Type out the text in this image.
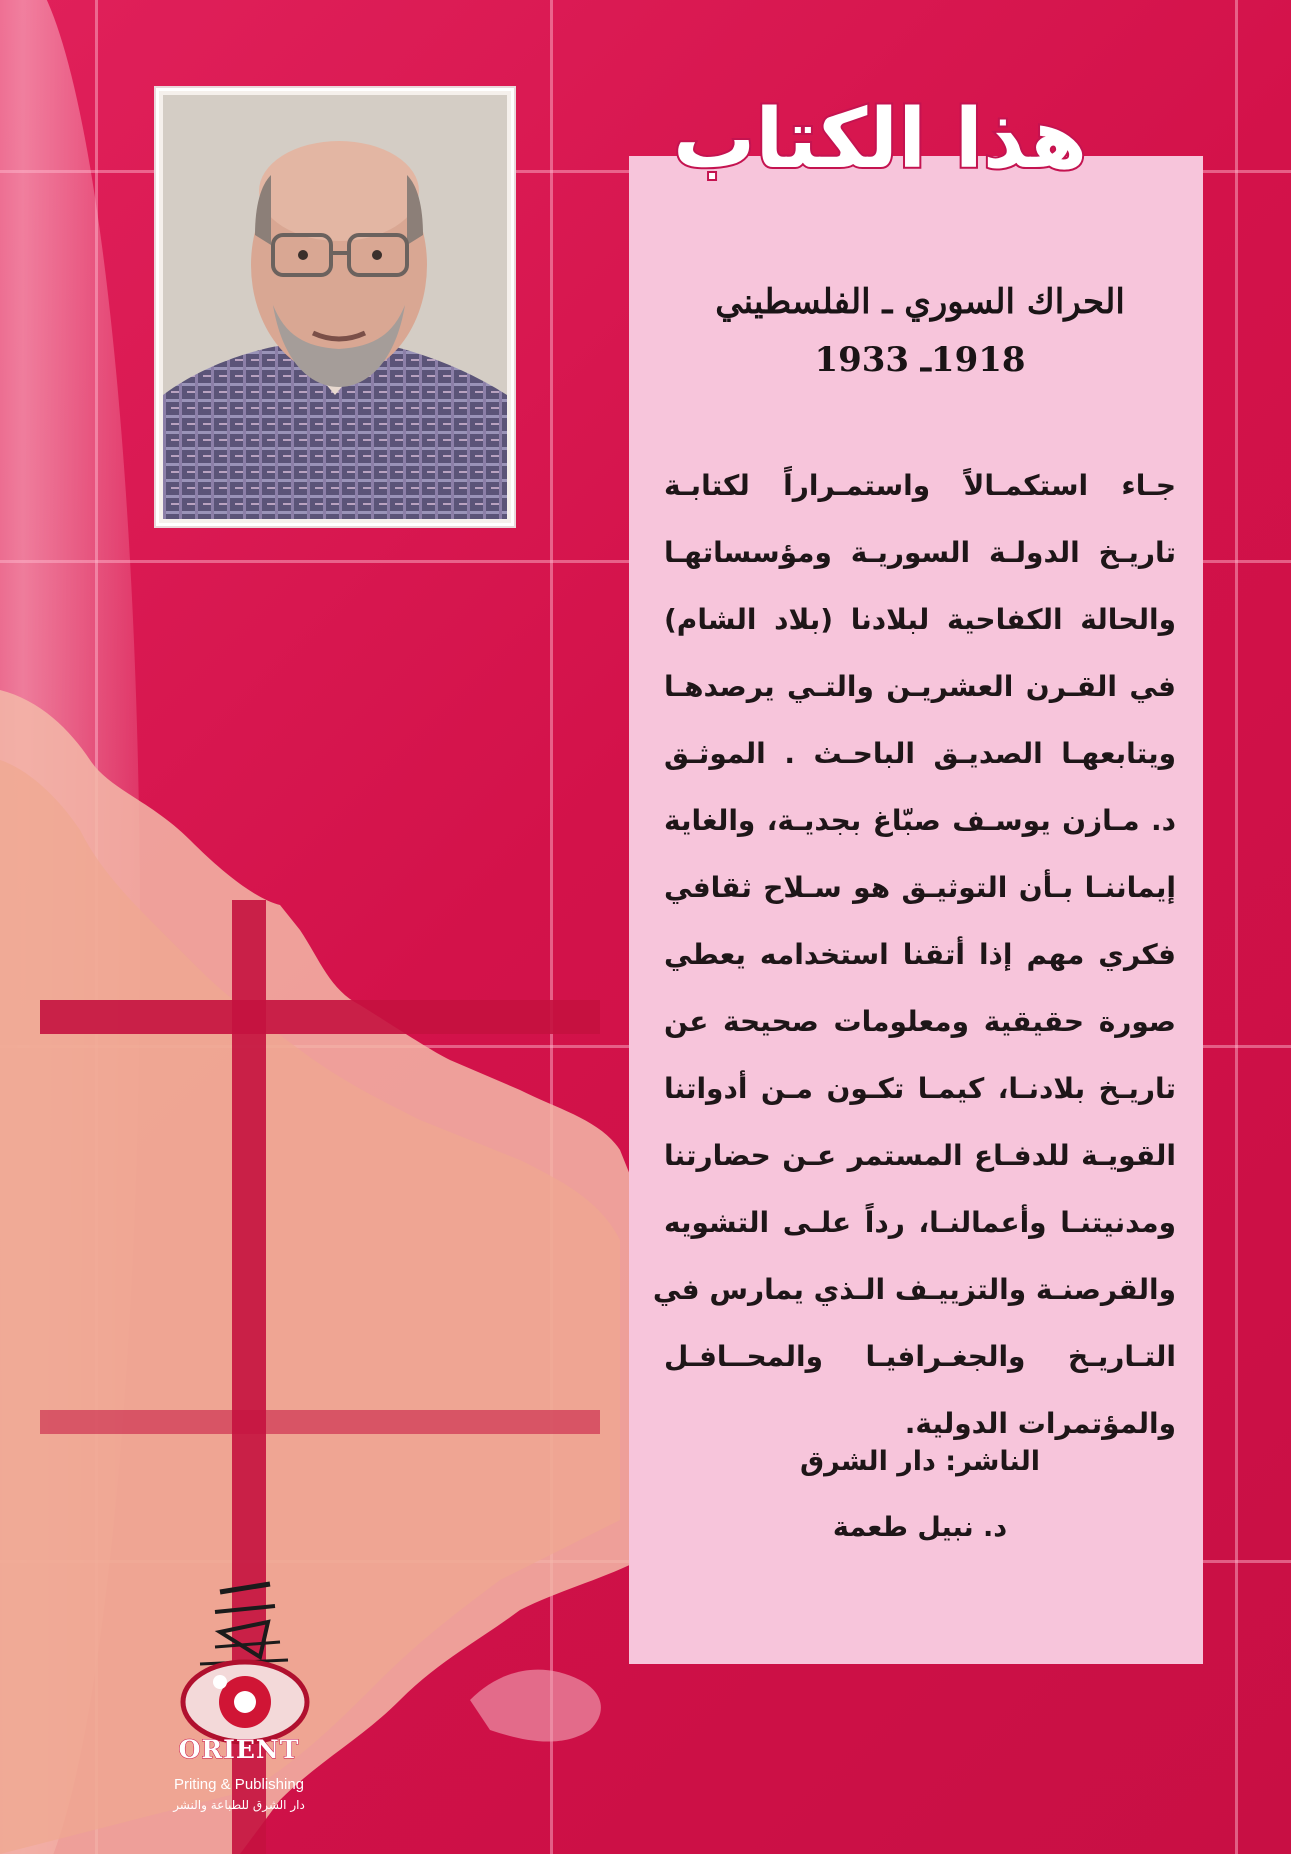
هذا الكتاب
الحراك السوري ـ الفلسطيني
1918ـ 1933
جـاء استكمـالاً واستمـراراً لكتابـة
تاريـخ الدولـة السوريـة ومؤسساتهـا
والحالة الكفاحية لبلادنا (بلاد الشام)
في القـرن العشريـن والتـي يرصدهـا
ويتابعهـا الصديـق الباحـث . الموثـق
د. مـازن يوسـف صبّاغ بجديـة، والغاية
إيماننـا بـأن التوثيـق هو سـلاح ثقافي
فكري مهم إذا أتقنا استخدامه يعطي
صورة حقيقية ومعلومات صحيحة عن
تاريـخ بلادنـا، كيمـا تكـون مـن أدواتنا
القويـة للدفـاع المستمر عـن حضارتنا
ومدنيتنـا وأعمالنـا، رداً علـى التشويه
والقرصنـة والتزييـف الـذي يمارس في
التـاريـخ والجغـرافيـا والمحــافـل
والمؤتمرات الدولية.
الناشر: دار الشرق
د. نبيل طعمة
ORIENT
Priting & Publishing
دار الشرق للطباعة والنشر
